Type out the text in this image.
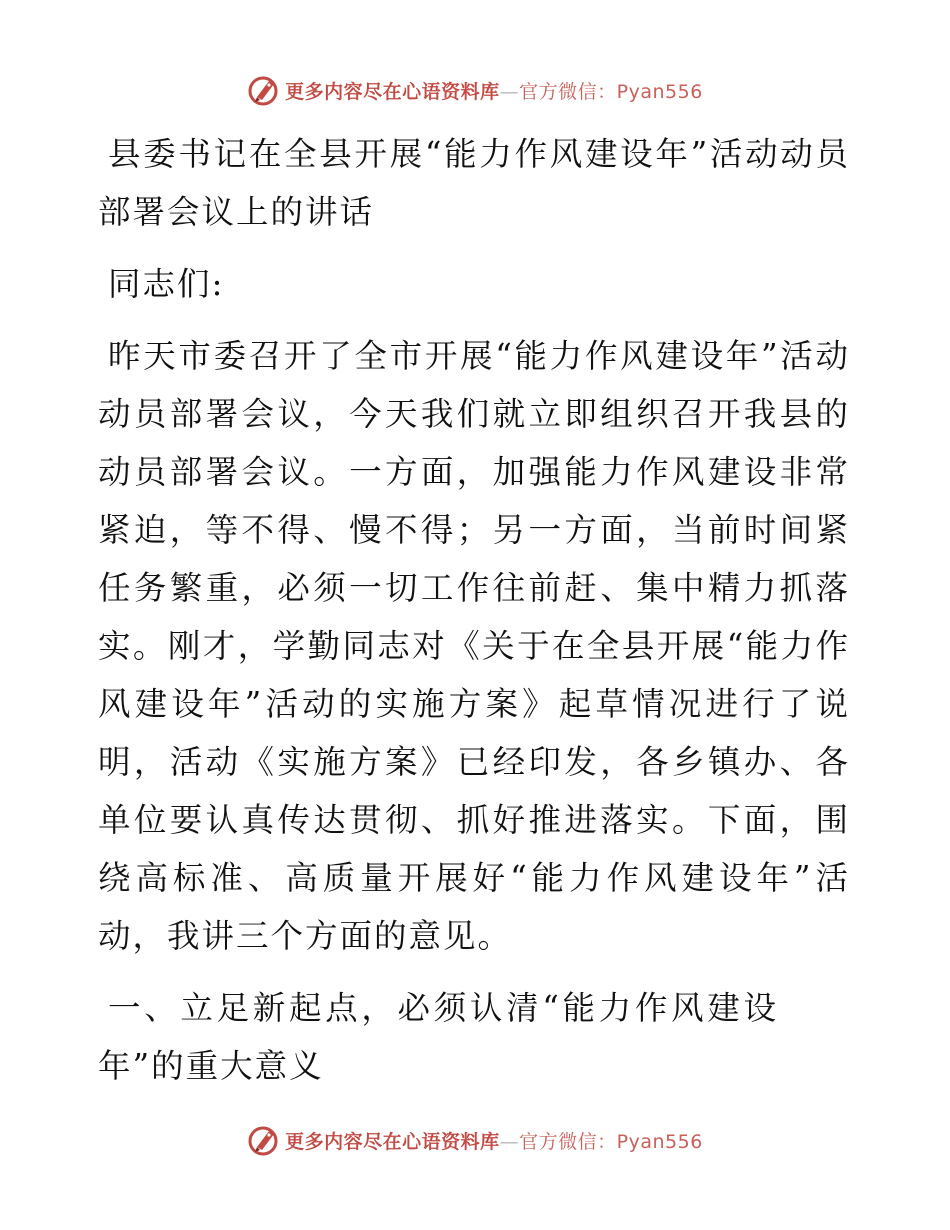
更多内容尽在心语资料库—官方微信：Pyan556

县委书记在全县开展“能力作风建设年”活动动员部署会议上的讲话

同志们:

昨天市委召开了全市开展“能力作风建设年”活动动员部署会议，今天我们就立即组织召开我县的动员部署会议。一方面，加强能力作风建设非常紧迫，等不得、慢不得；另一方面，当前时间紧任务繁重，必须一切工作往前赶、集中精力抓落实。刚才，学勤同志对《关于在全县开展“能力作风建设年”活动的实施方案》起草情况进行了说明，活动《实施方案》已经印发，各乡镇办、各单位要认真传达贯彻、抓好推进落实。下面，围绕高标准、高质量开展好“能力作风建设年”活动，我讲三个方面的意见。

一、立足新起点，必须认清“能力作风建设年”的重大意义

更多内容尽在心语资料库—官方微信：Pyan556
